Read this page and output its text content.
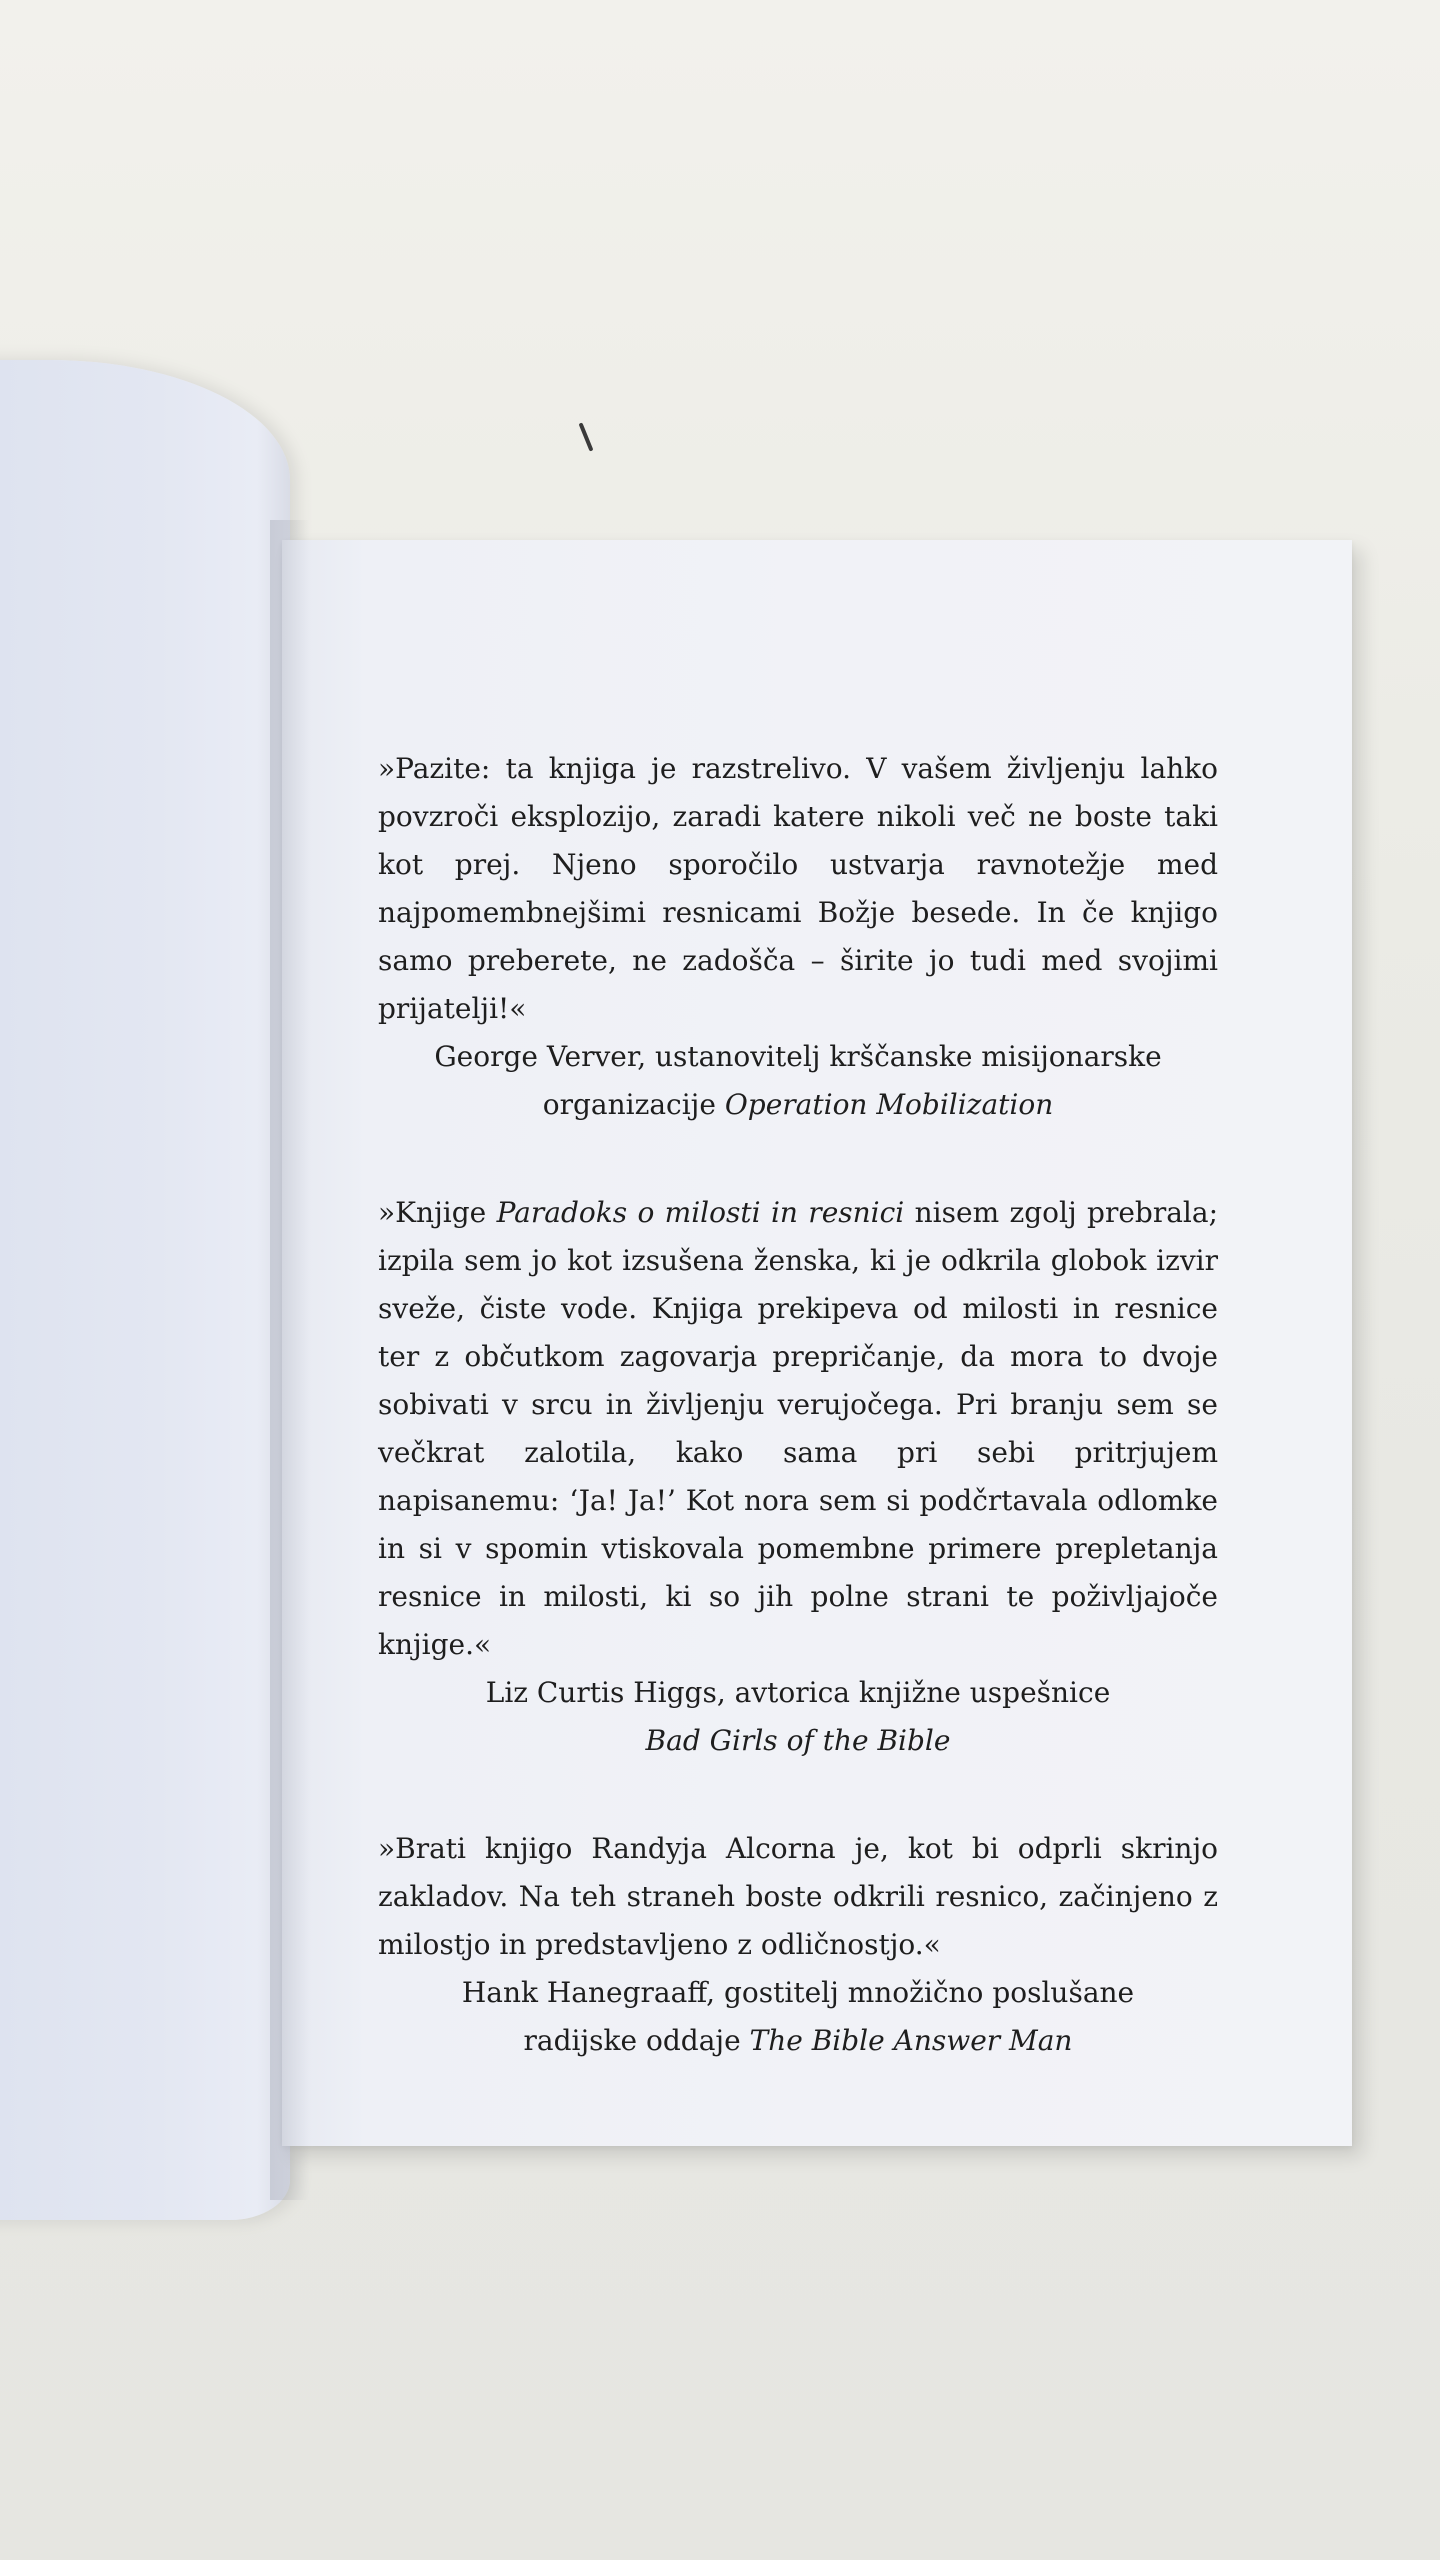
»Pazite: ta knjiga je razstrelivo. V vašem življenju lahko povzroči eksplozijo, zaradi katere nikoli več ne boste taki kot prej. Njeno sporočilo ustvarja ravnotežje med najpomembnejšimi resnicami Božje besede. In če knjigo samo preberete, ne zadošča – širite jo tudi med svojimi prijatelji!«

George Verver, ustanovitelj krščanske misijonarske

organizacije Operation Mobilization

»Knjige Paradoks o milosti in resnici nisem zgolj prebrala; izpila sem jo kot izsušena ženska, ki je odkrila globok izvir sveže, čiste vode. Knjiga prekipeva od milosti in resnice ter z občutkom zagovarja prepričanje, da mora to dvoje sobivati v srcu in življenju verujočega. Pri branju sem se večkrat zalotila, kako sama pri sebi pritrjujem napisanemu: ‘Ja! Ja!’ Kot nora sem si podčrtavala odlomke in si v spomin vtiskovala pomembne primere prepletanja resnice in milosti, ki so jih polne strani te poživljajoče knjige.«

Liz Curtis Higgs, avtorica knjižne uspešnice

Bad Girls of the Bible

»Brati knjigo Randyja Alcorna je, kot bi odprli skrinjo zakladov. Na teh straneh boste odkrili resnico, začinjeno z milostjo in predstavljeno z odličnostjo.«

Hank Hanegraaff, gostitelj množično poslušane

radijske oddaje The Bible Answer Man
